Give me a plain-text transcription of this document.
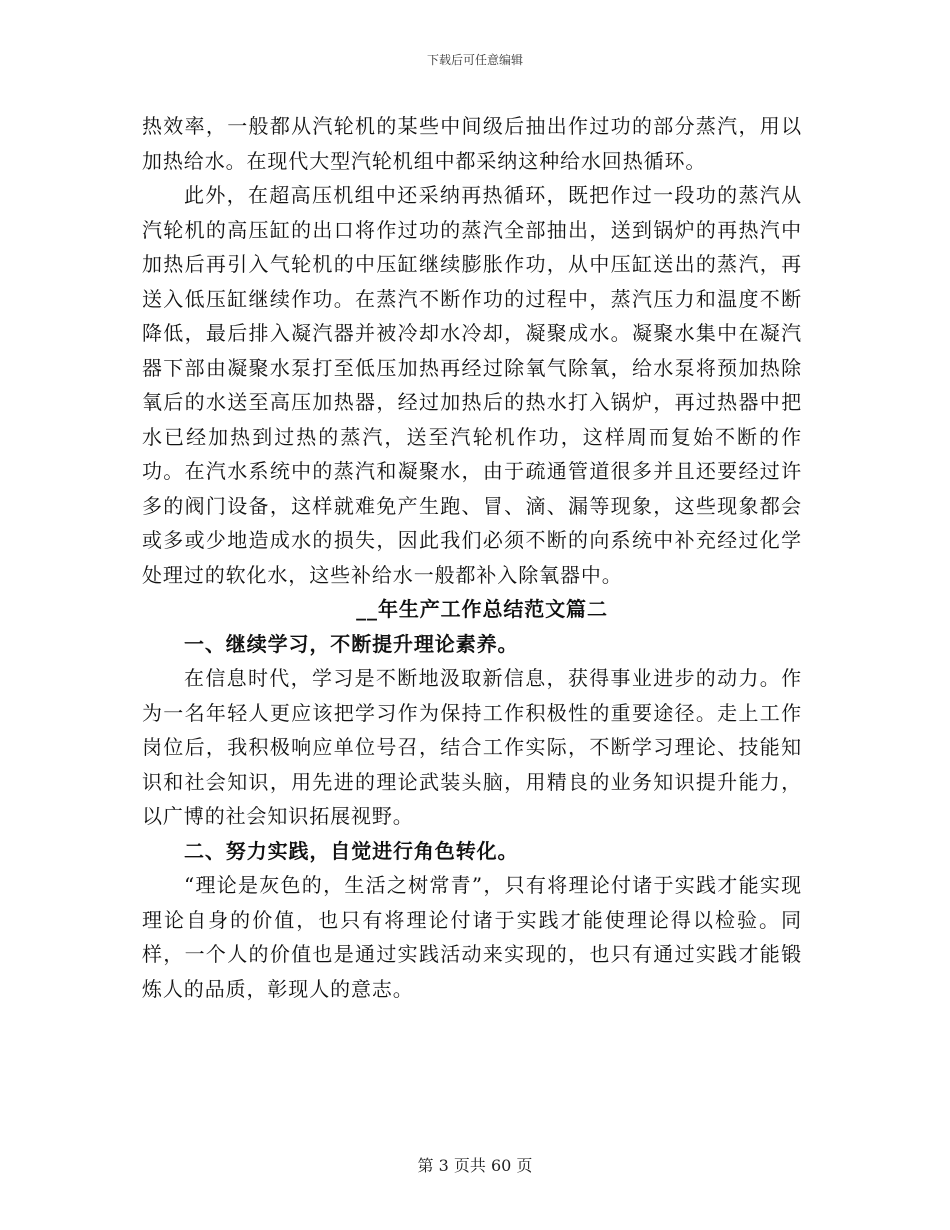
下载后可任意编辑

热效率，一般都从汽轮机的某些中间级后抽出作过功的部分蒸汽，用以加热给水。在现代大型汽轮机组中都采纳这种给水回热循环。

此外，在超高压机组中还采纳再热循环，既把作过一段功的蒸汽从汽轮机的高压缸的出口将作过功的蒸汽全部抽出，送到锅炉的再热汽中加热后再引入气轮机的中压缸继续膨胀作功，从中压缸送出的蒸汽，再送入低压缸继续作功。在蒸汽不断作功的过程中，蒸汽压力和温度不断降低，最后排入凝汽器并被冷却水冷却，凝聚成水。凝聚水集中在凝汽器下部由凝聚水泵打至低压加热再经过除氧气除氧，给水泵将预加热除氧后的水送至高压加热器，经过加热后的热水打入锅炉，再过热器中把水已经加热到过热的蒸汽，送至汽轮机作功，这样周而复始不断的作功。在汽水系统中的蒸汽和凝聚水，由于疏通管道很多并且还要经过许多的阀门设备，这样就难免产生跑、冒、滴、漏等现象，这些现象都会或多或少地造成水的损失，因此我们必须不断的向系统中补充经过化学处理过的软化水，这些补给水一般都补入除氧器中。

__年生产工作总结范文篇二

一、继续学习，不断提升理论素养。

在信息时代，学习是不断地汲取新信息，获得事业进步的动力。作为一名年轻人更应该把学习作为保持工作积极性的重要途径。走上工作岗位后，我积极响应单位号召，结合工作实际，不断学习理论、技能知识和社会知识，用先进的理论武装头脑，用精良的业务知识提升能力，以广博的社会知识拓展视野。

二、努力实践，自觉进行角色转化。

“理论是灰色的，生活之树常青”，只有将理论付诸于实践才能实现理论自身的价值，也只有将理论付诸于实践才能使理论得以检验。同样，一个人的价值也是通过实践活动来实现的，也只有通过实践才能锻炼人的品质，彰现人的意志。

第 3 页共 60 页
